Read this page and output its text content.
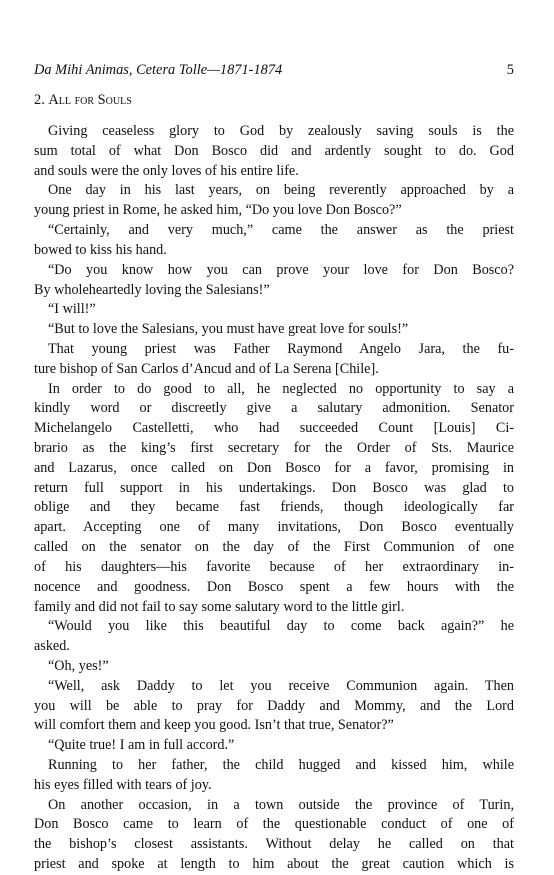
Da Mihi Animas, Cetera Tolle—1871-1874	5
2. All for Souls
Giving ceaseless glory to God by zealously saving souls is the
sum total of what Don Bosco did and ardently sought to do. God
and souls were the only loves of his entire life.
One day in his last years, on being reverently approached by a
young priest in Rome, he asked him, “Do you love Don Bosco?”
“Certainly, and very much,” came the answer as the priest
bowed to kiss his hand.
“Do you know how you can prove your love for Don Bosco?
By wholeheartedly loving the Salesians!”
“I will!”
“But to love the Salesians, you must have great love for souls!”
That young priest was Father Raymond Angelo Jara, the fu-
ture bishop of San Carlos d’Ancud and of La Serena [Chile].
In order to do good to all, he neglected no opportunity to say a
kindly word or discreetly give a salutary admonition. Senator
Michelangelo Castelletti, who had succeeded Count [Louis] Ci-
brario as the king’s first secretary for the Order of Sts. Maurice
and Lazarus, once called on Don Bosco for a favor, promising in
return full support in his undertakings. Don Bosco was glad to
oblige and they became fast friends, though ideologically far
apart. Accepting one of many invitations, Don Bosco eventually
called on the senator on the day of the First Communion of one
of his daughters—his favorite because of her extraordinary in-
nocence and goodness. Don Bosco spent a few hours with the
family and did not fail to say some salutary word to the little girl.
“Would you like this beautiful day to come back again?” he
asked.
“Oh, yes!”
“Well, ask Daddy to let you receive Communion again. Then
you will be able to pray for Daddy and Mommy, and the Lord
will comfort them and keep you good. Isn’t that true, Senator?”
“Quite true! I am in full accord.”
Running to her father, the child hugged and kissed him, while
his eyes filled with tears of joy.
On another occasion, in a town outside the province of Turin,
Don Bosco came to learn of the questionable conduct of one of
the bishop’s closest assistants. Without delay he called on that
priest and spoke at length to him about the great caution which is
